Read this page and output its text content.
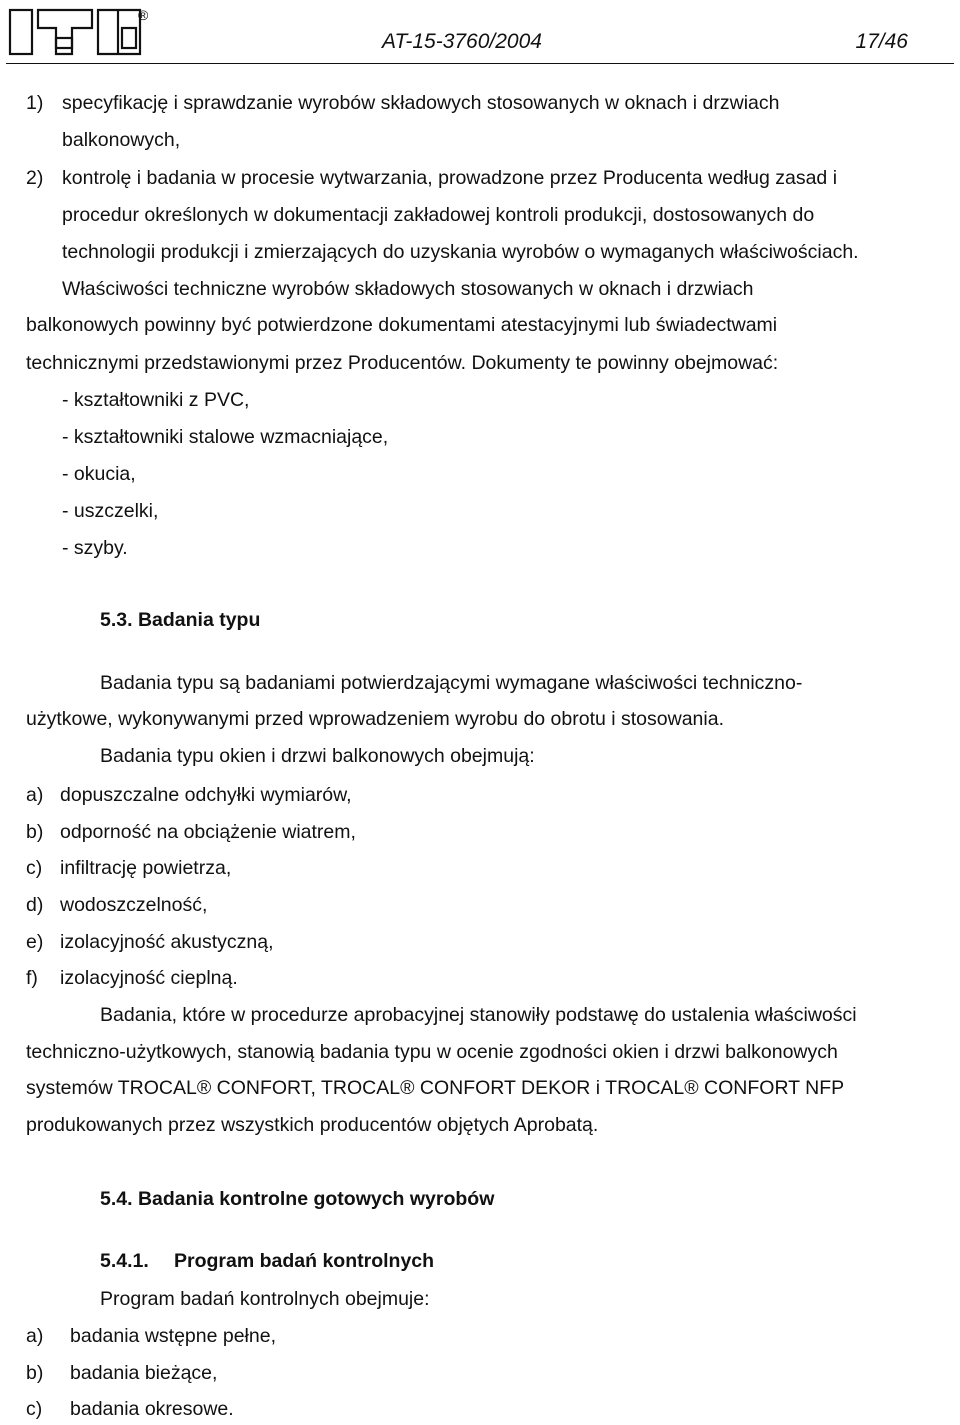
®
AT-15-3760/2004	17/46
1) specyfikację i sprawdzanie wyrobów składowych stosowanych w oknach i drzwiach
balkonowych,
2) kontrolę i badania w procesie wytwarzania, prowadzone przez Producenta według zasad i
procedur określonych w dokumentacji zakładowej kontroli produkcji, dostosowanych do
technologii produkcji i zmierzających do uzyskania wyrobów o wymaganych właściwościach.
Właściwości techniczne wyrobów składowych stosowanych w oknach i drzwiach
balkonowych powinny być potwierdzone dokumentami atestacyjnymi lub świadectwami
technicznymi przedstawionymi przez Producentów. Dokumenty te powinny obejmować:
- kształtowniki z PVC,
- kształtowniki stalowe wzmacniające,
- okucia,
- uszczelki,
- szyby.
5.3. Badania typu
Badania typu są badaniami potwierdzającymi wymagane właściwości techniczno-
użytkowe, wykonywanymi przed wprowadzeniem wyrobu do obrotu i stosowania.
Badania typu okien i drzwi balkonowych obejmują:
a) dopuszczalne odchyłki wymiarów,
b) odporność na obciążenie wiatrem,
c) infiltrację powietrza,
d) wodoszczelność,
e) izolacyjność akustyczną,
f) izolacyjność cieplną.
Badania, które w procedurze aprobacyjnej stanowiły podstawę do ustalenia właściwości
techniczno-użytkowych, stanowią badania typu w ocenie zgodności okien i drzwi balkonowych
systemów TROCAL® CONFORT, TROCAL® CONFORT DEKOR i TROCAL® CONFORT NFP
produkowanych przez wszystkich producentów objętych Aprobatą.
5.4. Badania kontrolne gotowych wyrobów
5.4.1. Program badań kontrolnych
Program badań kontrolnych obejmuje:
a) badania wstępne pełne,
b) badania bieżące,
c) badania okresowe.
